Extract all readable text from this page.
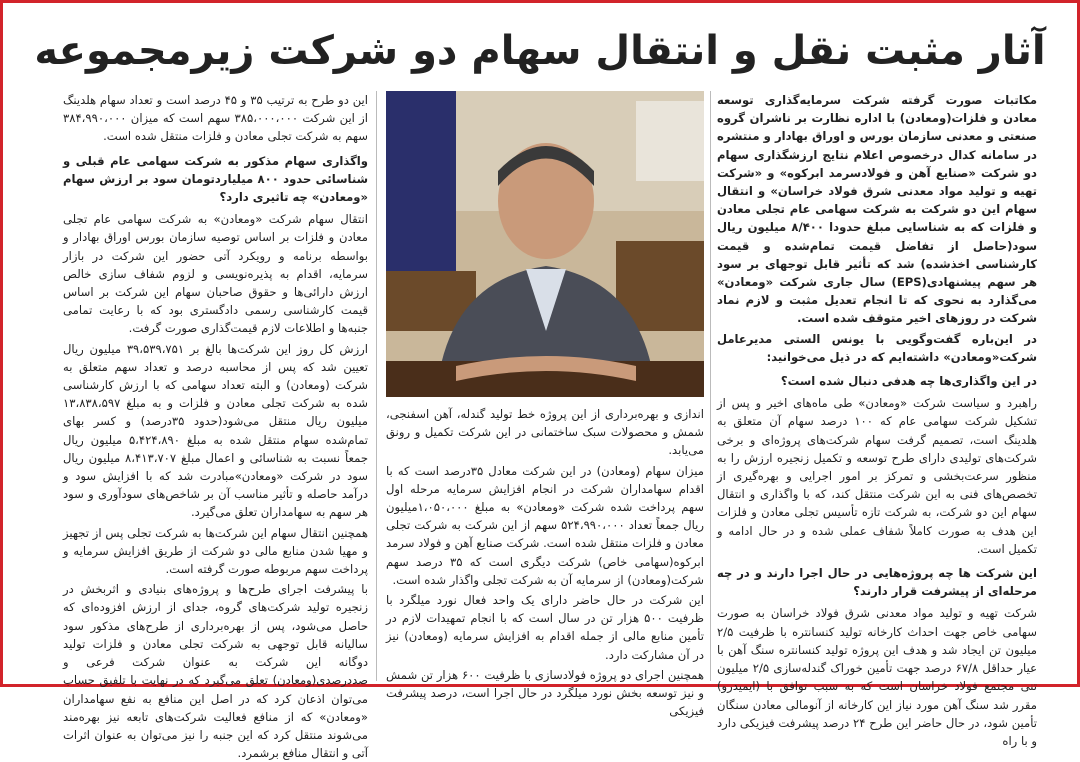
آثار مثبت نقل و انتقال سهام دو شرکت زیرمجموعه

مکاتبات صورت گرفته شرکت سرمایه‌گذاری توسعه معادن و فلزات(ومعادن) با اداره نظارت بر ناشران گروه صنعتی و معدنی سازمان بورس و اوراق بهادار و منتشره در سامانه کدال درخصوص اعلام نتایج ارزشگذاری سهام دو شرکت «صنایع آهن و فولادسرمد ابرکوه» و «شرکت تهیه و تولید مواد معدنی شرق فولاد خراسان» و انتقال سهام این دو شرکت به شرکت سهامی عام تجلی معادن و فلزات که به شناسایی مبلغ حدودا ۸/۴۰۰ میلیون ریال سود(حاصل از تفاضل قیمت تمام‌شده و قیمت کارشناسی اخذشده) شد که تأثیر قابل توجهای بر سود هر سهم پیشنهادی(EPS) سال جاری شرکت «ومعادن» می‌گذارد به نحوی که تا انجام تعدیل مثبت و لازم نماد شرکت در روزهای اخیر متوقف شده است.

در این‌باره گفت‌وگویی با یونس الستی مدیرعامل شرکت«ومعادن» داشته‌ایم که در ذیل می‌خوانید:

در این واگذاری‌ها چه هدفی دنبال شده است؟

راهبرد و سیاست شرکت «ومعادن» طی ماه‌های اخیر و پس از تشکیل شرکت سهامی عام که ۱۰۰ درصد سهام آن متعلق به هلدینگ است، تصمیم گرفت سهام شرکت‌های پروژه‌ای و برخی شرکت‌های تولیدی دارای طرح توسعه و تکمیل زنجیره ارزش را به منظور سرعت‌بخشی و تمرکز بر امور اجرایی و بهره‌گیری از تخصص‌های فنی به این شرکت منتقل کند، که با واگذاری و انتقال سهام این دو شرکت، به شرکت تازه تأسیس تجلی معادن و فلزات این هدف به صورت کاملاً شفاف عملی شده و در حال ادامه و تکمیل است.

این شرکت ها چه پروژه‌هایی در حال اجرا دارند و در چه مرحله‌ای از پیشرفت قرار دارند؟

شرکت تهیه و تولید مواد معدنی شرق فولاد خراسان به صورت سهامی خاص جهت احداث کارخانه تولید کنسانتره با ظرفیت ۲/۵ میلیون تن ایجاد شد و هدف این پروژه تولید کنسانتره سنگ آهن با عیار حداقل ۶۷/۸ درصد جهت تأمین خوراک گندله‌سازی ۲/۵ میلیون تنی مجتمع فولاد خراسان است که به سبب توافق با (ایمیدرو) مقرر شد سنگ آهن مورد نیاز این کارخانه از آنومالی معادن سنگان تأمین شود، در حال حاضر این طرح ۲۴ درصد پیشرفت فیزیکی دارد و با راه

اندازی و بهره‌برداری از این پروژه خط تولید گندله، آهن اسفنجی، شمش و محصولات سبک ساختمانی در این شرکت تکمیل و رونق می‌یابد.

میزان سهام (ومعادن) در این شرکت معادل ۳۵درصد است که با اقدام سهامداران شرکت در انجام افزایش سرمایه مرحله اول سهم پرداخت شده شرکت «ومعادن» به مبلغ ۱،۰۵۰،۰۰۰میلیون ریال جمعاً تعداد ۵۲۴،۹۹۰،۰۰۰ سهم از این شرکت به شرکت تجلی معادن و فلزات منتقل شده است. شرکت صنایع آهن و فولاد سرمد ابرکوه(سهامی خاص) شرکت دیگری است که ۳۵ درصد سهم شرکت(ومعادن) از سرمایه آن به شرکت تجلی واگذار شده است.

این شرکت در حال حاضر دارای یک واحد فعال نورد میلگرد با ظرفیت ۵۰۰ هزار تن در سال است که با انجام تمهیدات لازم در تأمین منابع مالی از جمله اقدام به افزایش سرمایه (ومعادن) نیز در آن مشارکت دارد.

همچنین اجرای دو پروژه فولادسازی با ظرفیت ۶۰۰ هزار تن شمش و نیز توسعه بخش نورد میلگرد در حال اجرا است، درصد پیشرفت فیزیکی

این دو طرح به ترتیب ۳۵ و ۴۵ درصد است و تعداد سهام هلدینگ از این شرکت ۳۸۵،۰۰۰،۰۰۰ سهم است که میزان ۳۸۴،۹۹۰،۰۰۰ سهم به شرکت تجلی معادن و فلزات منتقل شده است.

واگذاری سهام مذکور به شرکت سهامی عام قبلی و شناسائی حدود ۸۰۰ میلیاردتومان سود بر ارزش سهام «ومعادن» چه تاثیری دارد؟

انتقال سهام شرکت «ومعادن» به شرکت سهامی عام تجلی معادن و فلزات بر اساس توصیه سازمان بورس اوراق بهادار و بواسطه برنامه و رویکرد آتی حضور این شرکت در بازار سرمایه، اقدام به پذیره‌نویسی و لزوم شفاف سازی خالص ارزش دارائی‌ها و حقوق صاحبان سهام این شرکت بر اساس قیمت کارشناسی رسمی دادگستری بود که با رعایت تمامی جنبه‌ها و اطلاعات لازم قیمت‌گذاری صورت گرفت.

ارزش کل روز این شرکت‌ها بالغ بر ۳۹،۵۳۹،۷۵۱ میلیون ریال تعیین شد که پس از محاسبه درصد و تعداد سهم متعلق به شرکت (ومعادن) و البته تعداد سهامی که با ارزش کارشناسی شده به شرکت تجلی معادن و فلزات و به مبلغ ۱۳،۸۳۸،۵۹۷ میلیون ریال منتقل می‌شود(حدود ۳۵درصد) و کسر بهای تمام‌شده سهام منتقل شده به مبلغ ۵،۴۲۴،۸۹۰ میلیون ریال جمعاً نسبت به شناسائی و اعمال مبلغ ۸،۴۱۳،۷۰۷ میلیون ریال سود در شرکت «ومعادن»مبادرت شد که با افزایش سود و درآمد حاصله و تأثیر مناسب آن بر شاخص‌های سودآوری و سود هر سهم به سهامداران تعلق می‌گیرد.

همچنین انتقال سهام این شرکت‌ها به شرکت تجلی پس از تجهیز و مهیا شدن منابع مالی دو شرکت از طریق افزایش سرمایه و پرداخت سهم مربوطه صورت گرفته است.

با پیشرفت اجرای طرح‌ها و پروژه‌های بنیادی و اثربخش در زنجیره تولید شرکت‌های گروه، جدای از ارزش افزوده‌ای که حاصل می‌شود، پس از بهره‌برداری از طرح‌های مذکور سود سالیانه قابل توجهی به شرکت تجلی معادن و فلزات تولید دوگانه این شرکت به عنوان شرکت فرعی و صددرصدی(ومعادن) تعلق می‌گیرد که در نهایت با تلفیق حساب می‌توان اذعان کرد که در اصل این منافع به نفع سهامداران «ومعادن» که از منافع فعالیت شرکت‌های تابعه نیز بهره‌مند می‌شوند منتقل کرد که این جنبه را نیز می‌توان به عنوان اثرات آتی و انتقال منافع برشمرد.
